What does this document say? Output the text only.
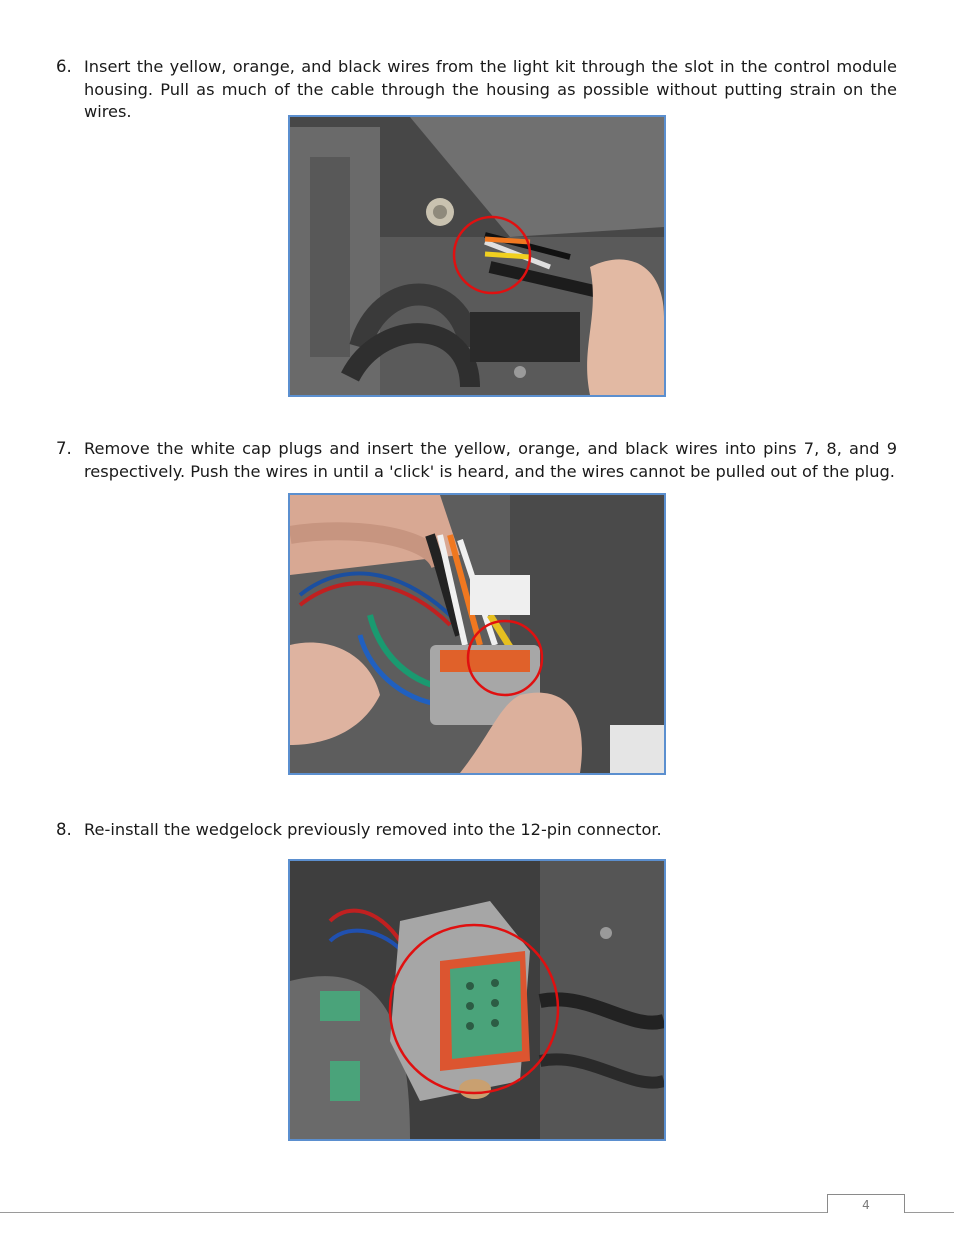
6. Insert the yellow, orange, and black wires from the light kit through the slot in the control module housing. Pull as much of the cable through the housing as possible without putting strain on the wires.
7. Remove the white cap plugs and insert the yellow, orange, and black wires into pins 7, 8, and 9 respectively. Push the wires in until a 'click' is heard, and the wires cannot be pulled out of the plug.
8. Re-install the wedgelock previously removed into the 12-pin connector.
4
